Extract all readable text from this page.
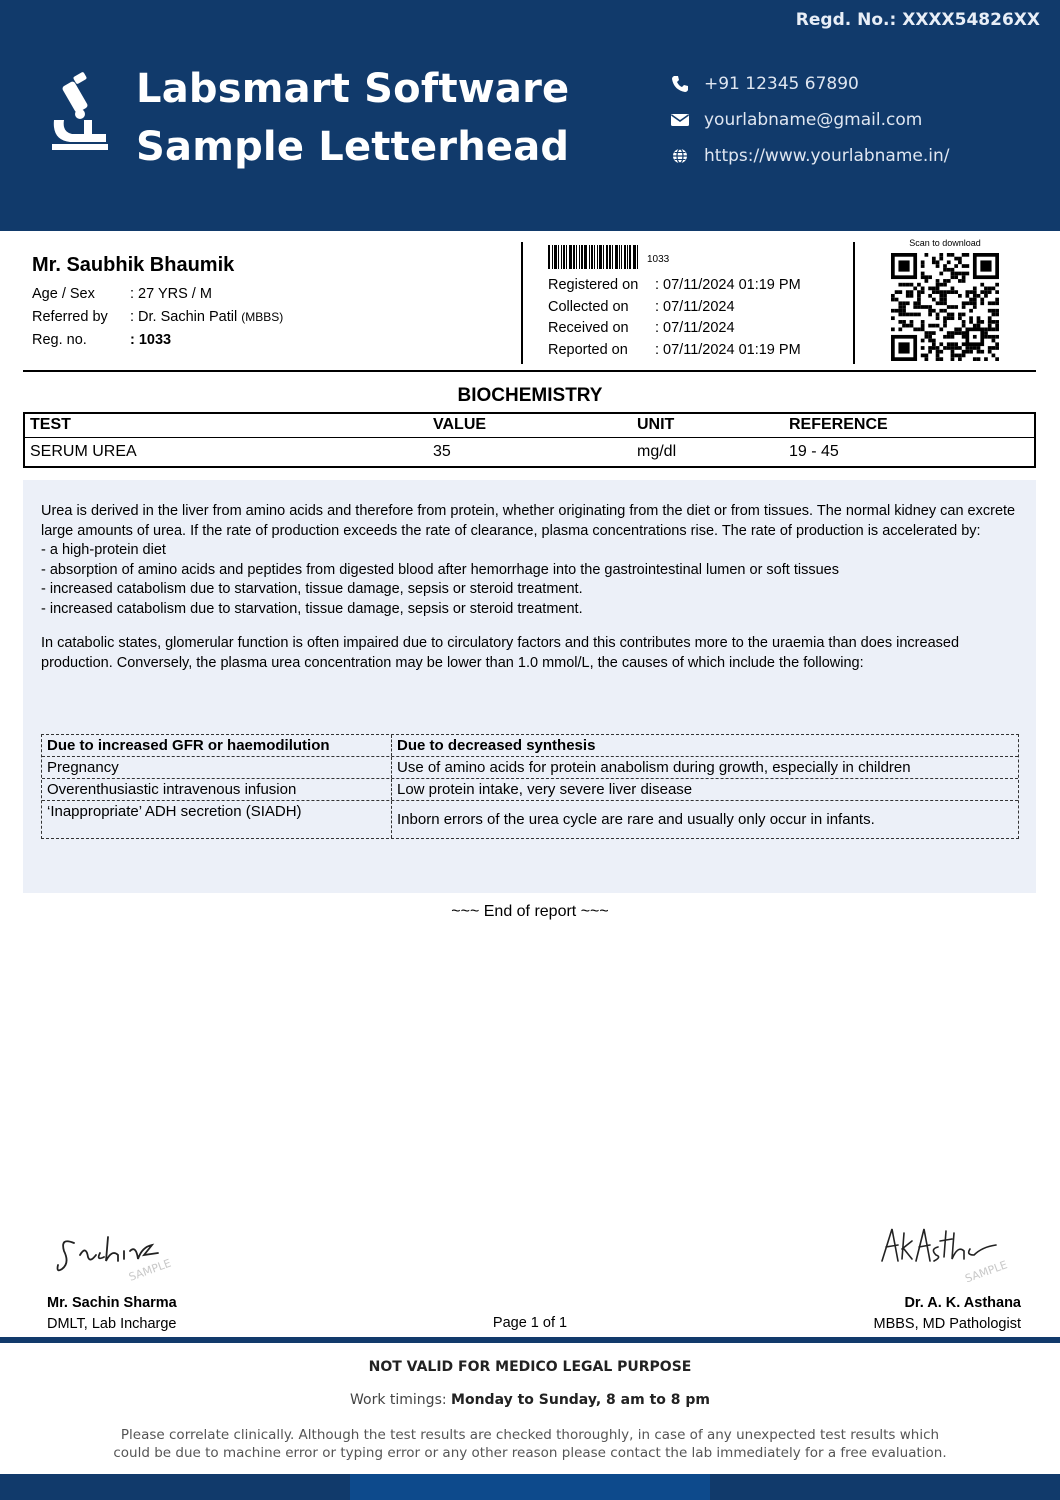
Regd. No.: XXXX54826XX
Labsmart Software
Sample Letterhead
+91 12345 67890
yourlabname@gmail.com
https://www.yourlabname.in/
Mr. Saubhik Bhaumik
Age / Sex	: 27 YRS / M
Referred by	: Dr. Sachin Patil (MBBS)
Reg. no.	: 1033
1033
Registered on	: 07/11/2024 01:19 PM
Collected on	: 07/11/2024
Received on	: 07/11/2024
Reported on	: 07/11/2024 01:19 PM
Scan to download
BIOCHEMISTRY
TEST	VALUE	UNIT	REFERENCE
SERUM UREA	35	mg/dl	19 - 45

Urea is derived in the liver from amino acids and therefore from protein, whether originating from the diet or from tissues. The normal kidney can excrete large amounts of urea. If the rate of production exceeds the rate of clearance, plasma concentrations rise. The rate of production is accelerated by:

- a high-protein diet

- absorption of amino acids and peptides from digested blood after hemorrhage into the gastrointestinal lumen or soft tissues

- increased catabolism due to starvation, tissue damage, sepsis or steroid treatment.

- increased catabolism due to starvation, tissue damage, sepsis or steroid treatment.

In catabolic states, glomerular function is often impaired due to circulatory factors and this contributes more to the uraemia than does increased production. Conversely, the plasma urea concentration may be lower than 1.0 mmol/L, the causes of which include the following:

Due to increased GFR or haemodilution	Due to decreased synthesis
Pregnancy	Use of amino acids for protein anabolism during growth, especially in children
Overenthusiastic intravenous infusion	Low protein intake, very severe liver disease
‘Inappropriate’ ADH secretion (SIADH)	Inborn errors of the urea cycle are rare and usually only occur in infants.
~~~ End of report ~~~
SAMPLE	SAMPLE
Mr. Sachin Sharma
DMLT, Lab Incharge	Page 1 of 1
Dr. A. K. Asthana
MBBS, MD Pathologist
NOT VALID FOR MEDICO LEGAL PURPOSE
Work timings: Monday to Sunday, 8 am to 8 pm
Please correlate clinically. Although the test results are checked thoroughly, in case of any unexpected test results which
could be due to machine error or typing error or any other reason please contact the lab immediately for a free evaluation.
